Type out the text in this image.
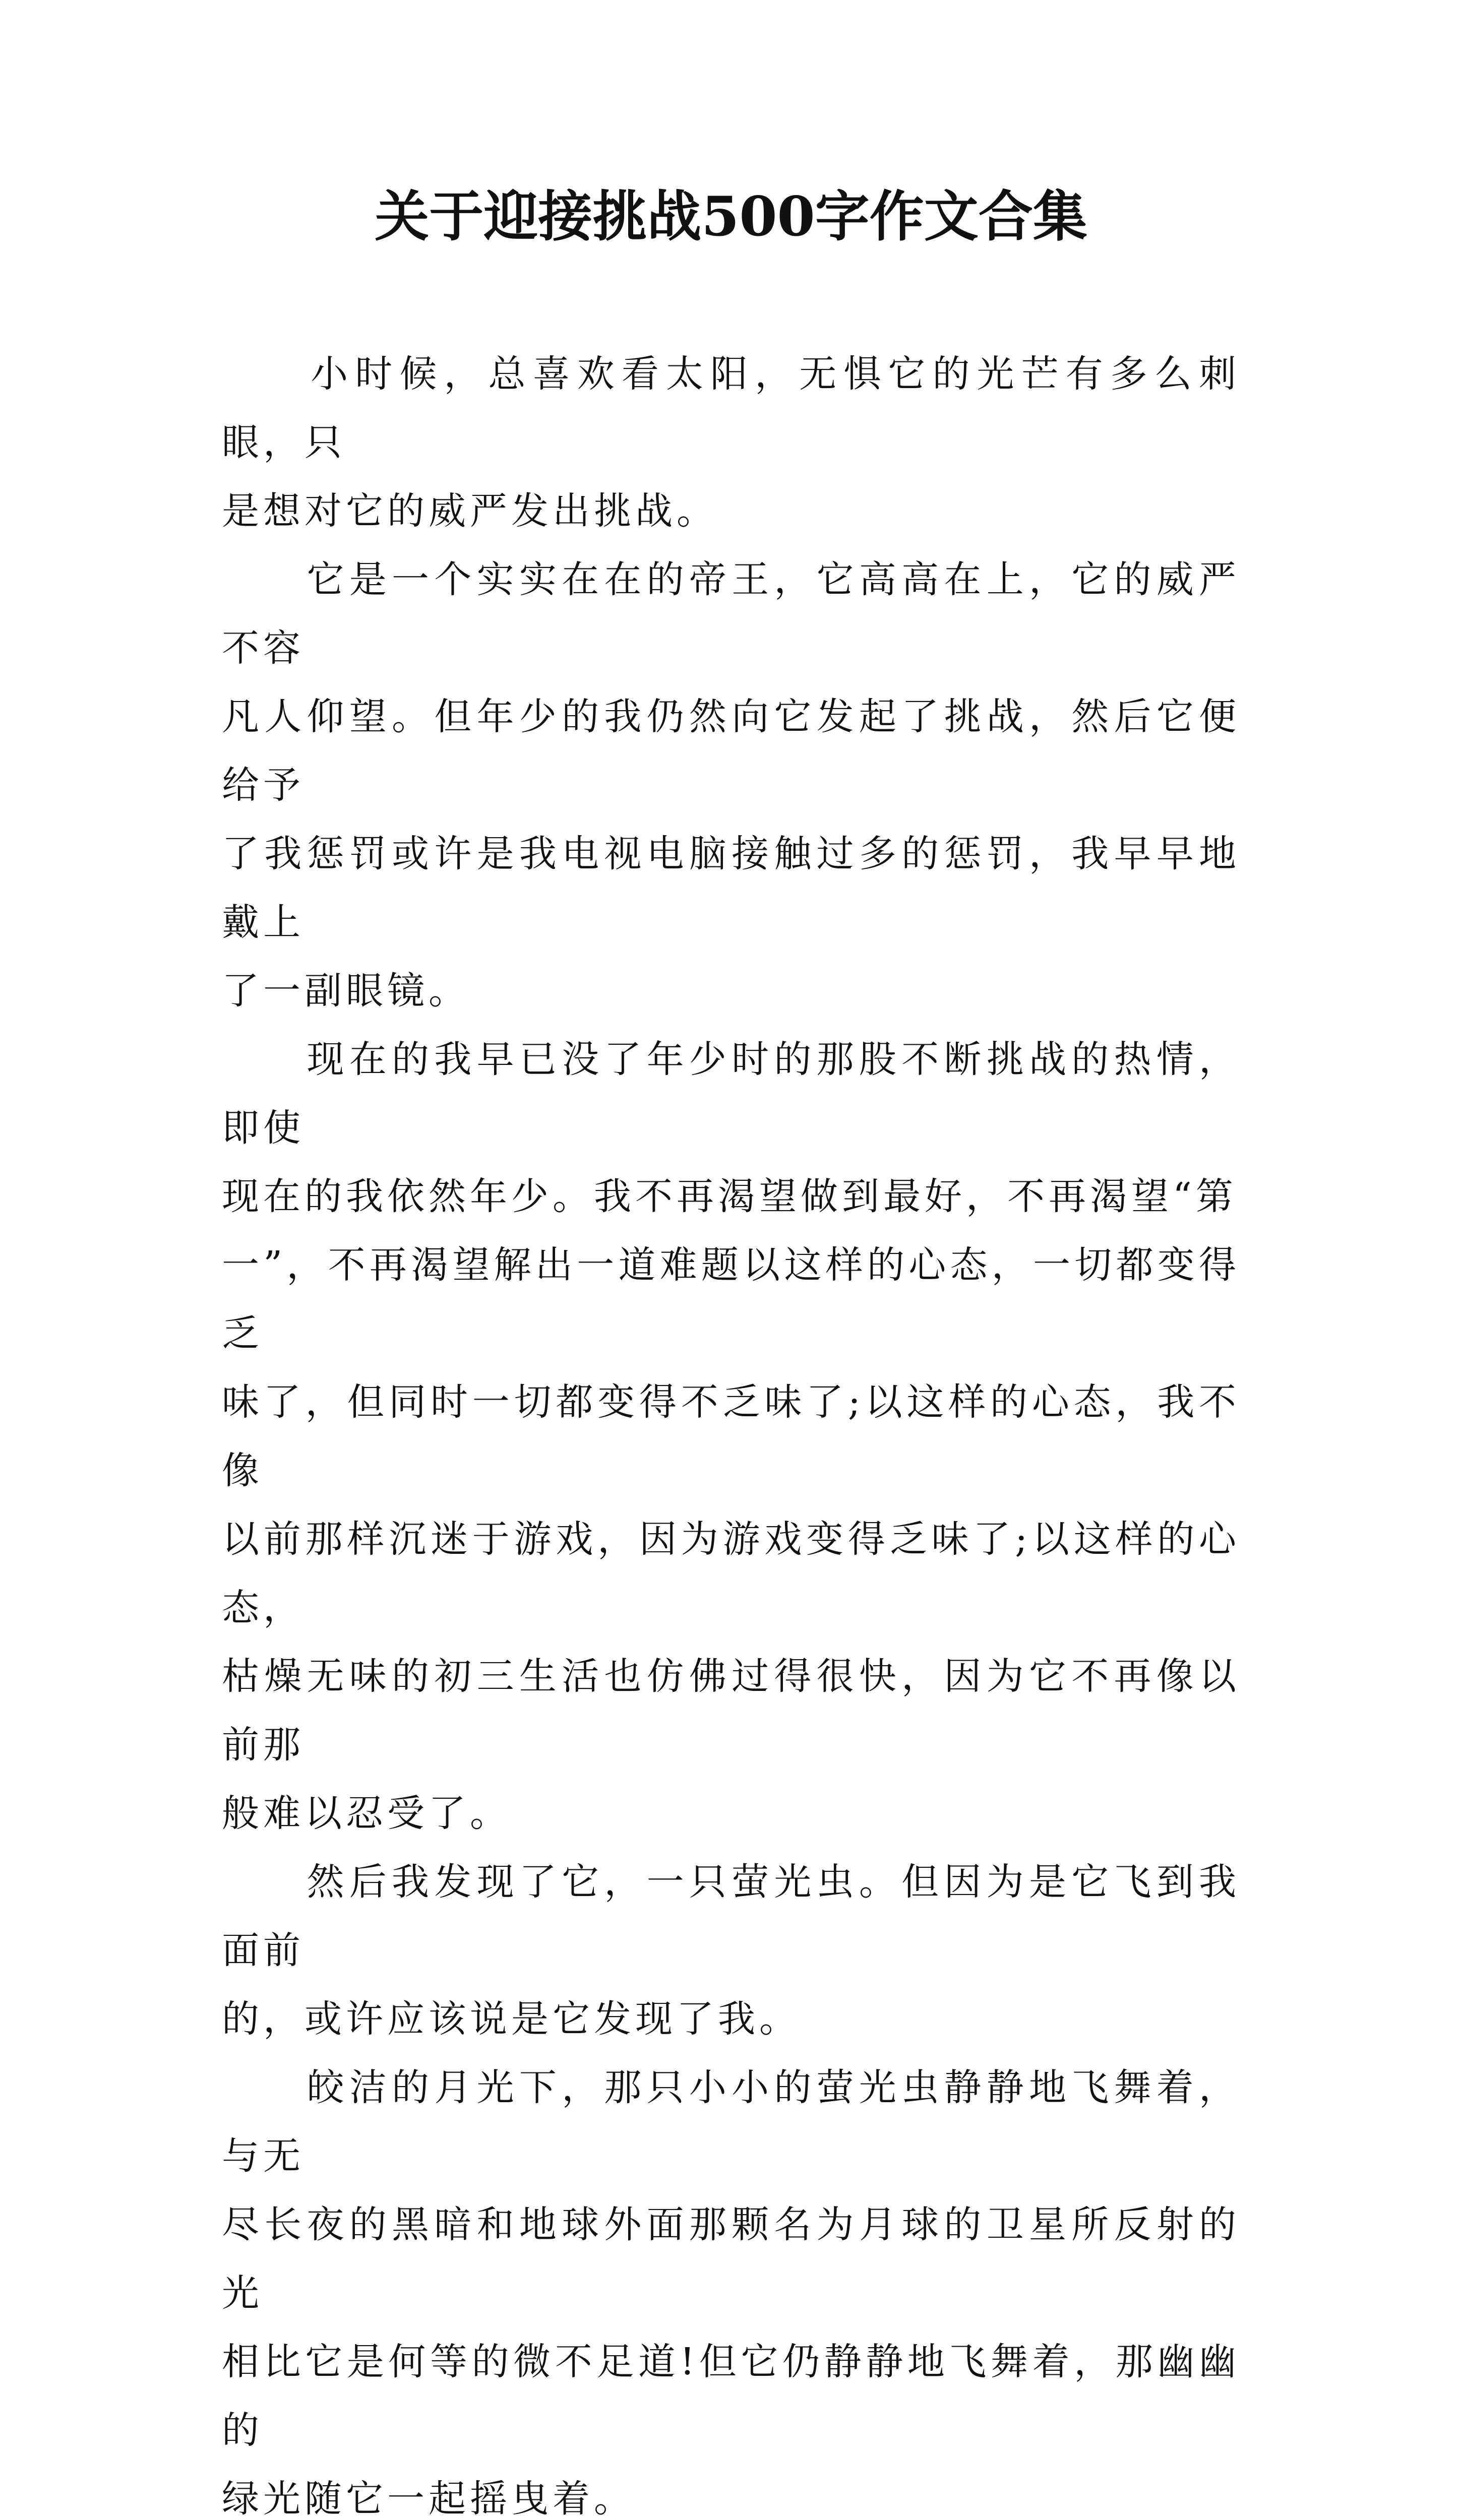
关于迎接挑战500字作文合集
　　小时候，总喜欢看太阳，无惧它的光芒有多么刺眼，只
是想对它的威严发出挑战。
　　它是一个实实在在的帝王，它高高在上，它的威严不容
凡人仰望。但年少的我仍然向它发起了挑战，然后它便给予
了我惩罚或许是我电视电脑接触过多的惩罚，我早早地戴上
了一副眼镜。
　　现在的我早已没了年少时的那股不断挑战的热情，即使
现在的我依然年少。我不再渴望做到最好，不再渴望“第
一”，不再渴望解出一道难题以这样的心态，一切都变得乏
味了，但同时一切都变得不乏味了;以这样的心态，我不像
以前那样沉迷于游戏，因为游戏变得乏味了;以这样的心态，
枯燥无味的初三生活也仿佛过得很快，因为它不再像以前那
般难以忍受了。
　　然后我发现了它，一只萤光虫。但因为是它飞到我面前
的，或许应该说是它发现了我。
　　皎洁的月光下，那只小小的萤光虫静静地飞舞着，与无
尽长夜的黑暗和地球外面那颗名为月球的卫星所反射的光
相比它是何等的微不足道!但它仍静静地飞舞着，那幽幽的
绿光随它一起摇曳着。
